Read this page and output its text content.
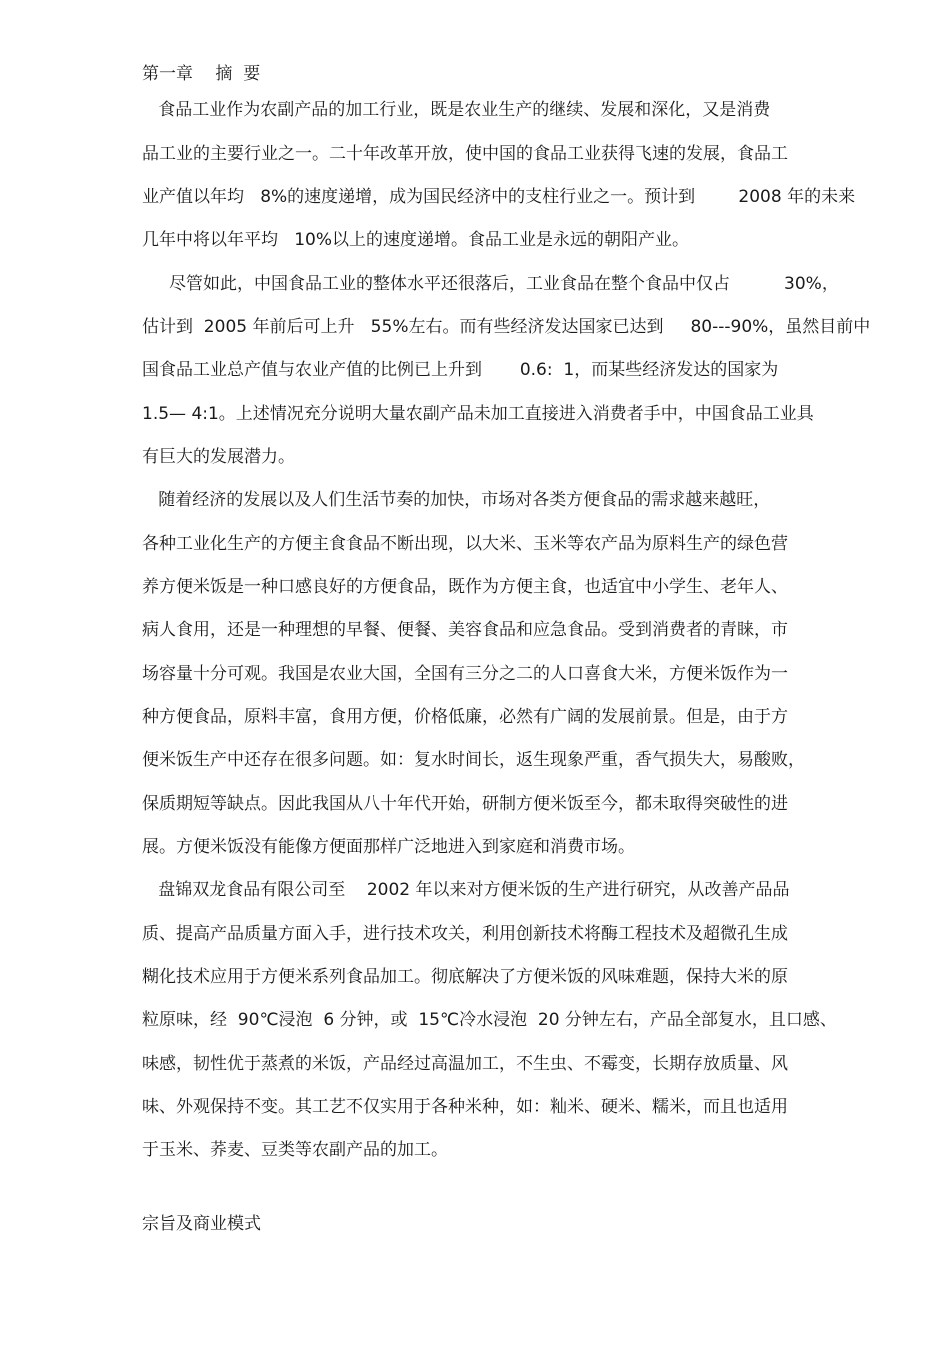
第一章　 摘  要
食品工业作为农副产品的加工行业，既是农业生产的继续、发展和深化，又是消费
品工业的主要行业之一。二十年改革开放，使中国的食品工业获得飞速的发展，食品工
业产值以年均   8%的速度递增，成为国民经济中的支柱行业之一。预计到        2008 年的未来
几年中将以年平均   10%以上的速度递增。食品工业是永远的朝阳产业。
尽管如此，中国食品工业的整体水平还很落后，工业食品在整个食品中仅占          30%，
估计到  2005 年前后可上升   55%左右。而有些经济发达国家已达到     80---90%，虽然目前中
国食品工业总产值与农业产值的比例已上升到       0.6:  1，而某些经济发达的国家为
1.5— 4:1。上述情况充分说明大量农副产品未加工直接进入消费者手中，中国食品工业具
有巨大的发展潜力。
随着经济的发展以及人们生活节奏的加快，市场对各类方便食品的需求越来越旺，
各种工业化生产的方便主食食品不断出现，以大米、玉米等农产品为原料生产的绿色营
养方便米饭是一种口感良好的方便食品，既作为方便主食，也适宜中小学生、老年人、
病人食用，还是一种理想的早餐、便餐、美容食品和应急食品。受到消费者的青睐，市
场容量十分可观。我国是农业大国，全国有三分之二的人口喜食大米，方便米饭作为一
种方便食品，原料丰富，食用方便，价格低廉，必然有广阔的发展前景。但是，由于方
便米饭生产中还存在很多问题。如：复水时间长，返生现象严重，香气损失大，易酸败，
保质期短等缺点。因此我国从八十年代开始，研制方便米饭至今，都未取得突破性的进
展。方便米饭没有能像方便面那样广泛地进入到家庭和消费市场。
盘锦双龙食品有限公司至    2002 年以来对方便米饭的生产进行研究，从改善产品品
质、提高产品质量方面入手，进行技术攻关，利用创新技术将酶工程技术及超微孔生成
糊化技术应用于方便米系列食品加工。彻底解决了方便米饭的风味难题，保持大米的原
粒原味，经  90℃浸泡  6 分钟，或  15℃冷水浸泡  20 分钟左右，产品全部复水，且口感、
味感，韧性优于蒸煮的米饭，产品经过高温加工，不生虫、不霉变，长期存放质量、风
味、外观保持不变。其工艺不仅实用于各种米种，如：籼米、硬米、糯米，而且也适用
于玉米、荞麦、豆类等农副产品的加工。
宗旨及商业模式
